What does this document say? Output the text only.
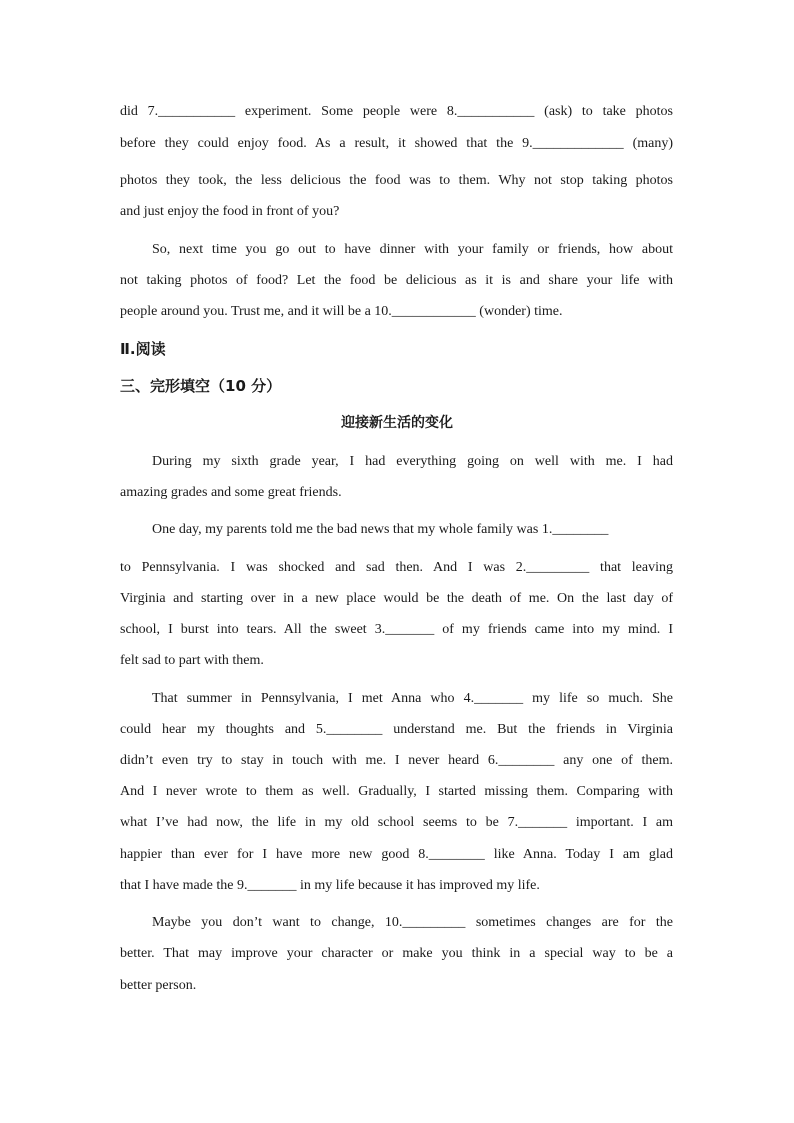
did 7.___________ experiment. Some people were 8.___________ (ask) to take photos
before they could enjoy food. As a result, it showed that the 9._____________ (many)
photos they took, the less delicious the food was to them. Why not stop taking photos
and just enjoy the food in front of you?
So, next time you go out to have dinner with your family or friends, how about
not taking photos of food? Let the food be delicious as it is and share your life with
people around you. Trust me, and it will be a 10.____________ (wonder) time.
Ⅱ.阅读
三、完形填空（10 分）
迎接新生活的变化
During my sixth grade year, I had everything going on well with me. I had
amazing grades and some great friends.
One day, my parents told me the bad news that my whole family was 1.________
to Pennsylvania. I was shocked and sad then. And I was 2._________ that leaving
Virginia and starting over in a new place would be the death of me. On the last day of
school, I burst into tears. All the sweet 3._______ of my friends came into my mind. I
felt sad to part with them.
That summer in Pennsylvania, I met Anna who 4._______ my life so much. She
could hear my thoughts and 5.________ understand me. But the friends in Virginia
didn’t even try to stay in touch with me. I never heard 6.________ any one of them.
And I never wrote to them as well. Gradually, I started missing them. Comparing with
what I’ve had now, the life in my old school seems to be 7._______ important. I am
happier than ever for I have more new good 8.________ like Anna. Today I am glad
that I have made the 9._______ in my life because it has improved my life.
Maybe you don’t want to change, 10._________ sometimes changes are for the
better. That may improve your character or make you think in a special way to be a
better person.
